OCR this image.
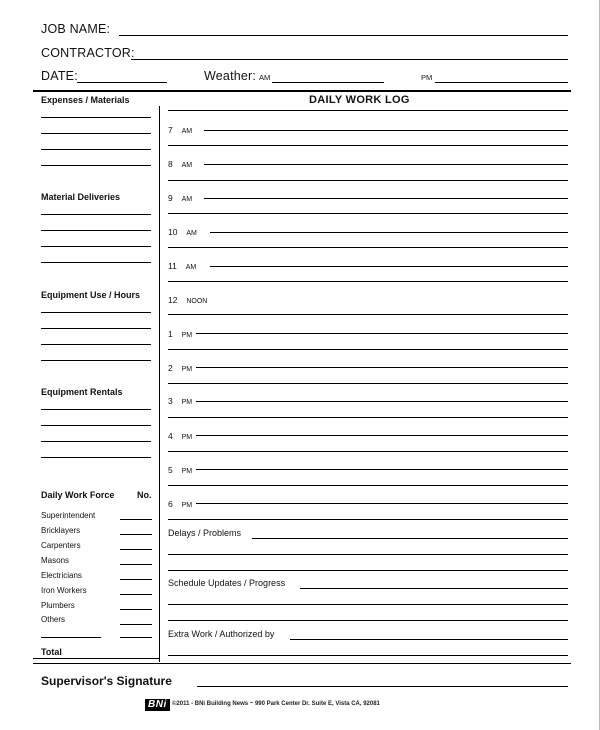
JOB NAME:
CONTRACTOR:
DATE:	Weather: AM	PM
Expenses / Materials
Material Deliveries
Equipment Use / Hours
Equipment Rentals
Daily Work Force	No.
Superintendent
Bricklayers
Carpenters
Masons
Electricians
Iron Workers
Plumbers
Others
Total
DAILY WORK LOG
7 AM
8 AM
9 AM
10 AM
11 AM
12 NOON
1 PM
2 PM
3 PM
4 PM
5 PM
6 PM
Delays / Problems
Schedule Updates / Progress
Extra Work / Authorized by
Supervisor's Signature
BNi ©2011 - BNi Building News ~ 990 Park Center Dr. Suite E, Vista CA, 92081
